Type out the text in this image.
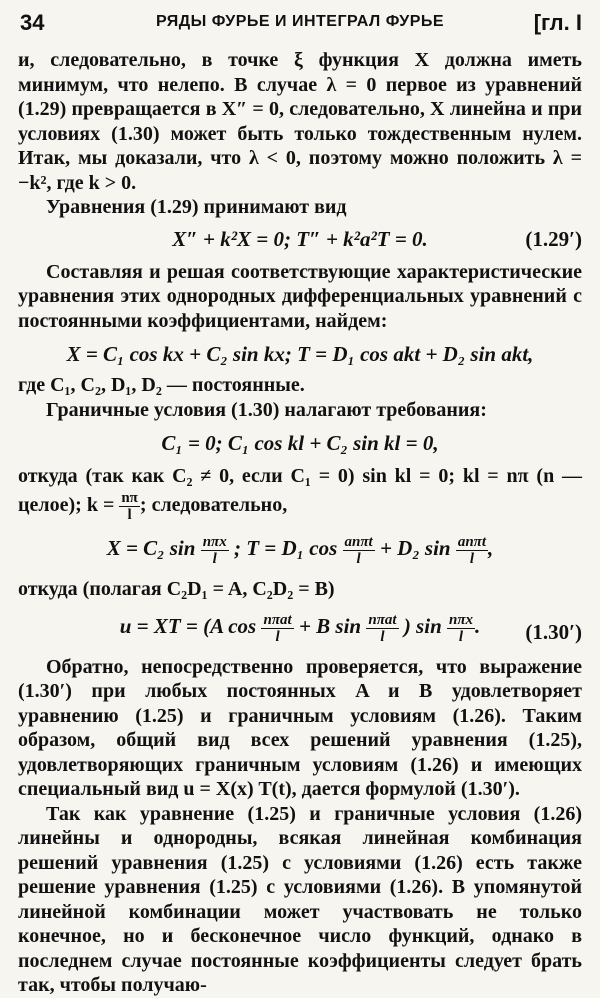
34	РЯДЫ ФУРЬЕ И ИНТЕГРАЛ ФУРЬЕ	[гл. I

и, следовательно, в точке ξ функция X должна иметь минимум, что нелепо. В случае λ = 0 первое из уравнений (1.29) превращается в X″ = 0, следовательно, X линейна и при условиях (1.30) может быть только тождественным нулем. Итак, мы доказали, что λ < 0, поэтому можно положить λ = −k², где k > 0.

Уравнения (1.29) принимают вид

X″ + k²X = 0; T″ + k²a²T = 0.	(1.29′)

Составляя и решая соответствующие характеристические уравнения этих однородных дифференциальных уравнений с постоянными коэффициентами, найдем:

X = C₁ cos kx + C₂ sin kx; T = D₁ cos akt + D₂ sin akt,

где C₁, C₂, D₁, D₂ — постоянные.

Граничные условия (1.30) налагают требования:

C₁ = 0; C₁ cos kl + C₂ sin kl = 0,

откуда (так как C₂ ≠ 0, если C₁ = 0) sin kl = 0; kl = nπ (n — целое); $k = \frac{n\pi}{l}$ ; следовательно,

X = C₂ $\sin \frac{\text{nπx}}{l}$ ; T = D₁ $\cos \frac{\text{anπt}}{l} + D_2$ $\sin \frac{\text{anπt}}{l}$ ,

откуда (полагая C₂D₁ = A, C₂D₂ = B)

u = XT = (A $\cos \frac{\text{nπat}}{l} + B$ $\sin \frac{\text{nπat}}{l}$ ) $\sin \frac{\text{nπx}}{l}$ . (1.30′)

Обратно, непосредственно проверяется, что выражение (1.30′) при любых постоянных A и B удовлетворяет уравнению (1.25) и граничным условиям (1.26). Таким образом, общий вид всех решений уравнения (1.25), удовлетворяющих граничным условиям (1.26) и имеющих специальный вид u = X(x) T(t), дается формулой (1.30′).

Так как уравнение (1.25) и граничные условия (1.26) линейны и однородны, всякая линейная комбинация решений уравнения (1.25) с условиями (1.26) есть также решение уравнения (1.25) с условиями (1.26). В упомянутой линейной комбинации может участвовать не только конечное, но и бесконечное число функций, однако в последнем случае постоянные коэффициенты следует брать так, чтобы получаю-
